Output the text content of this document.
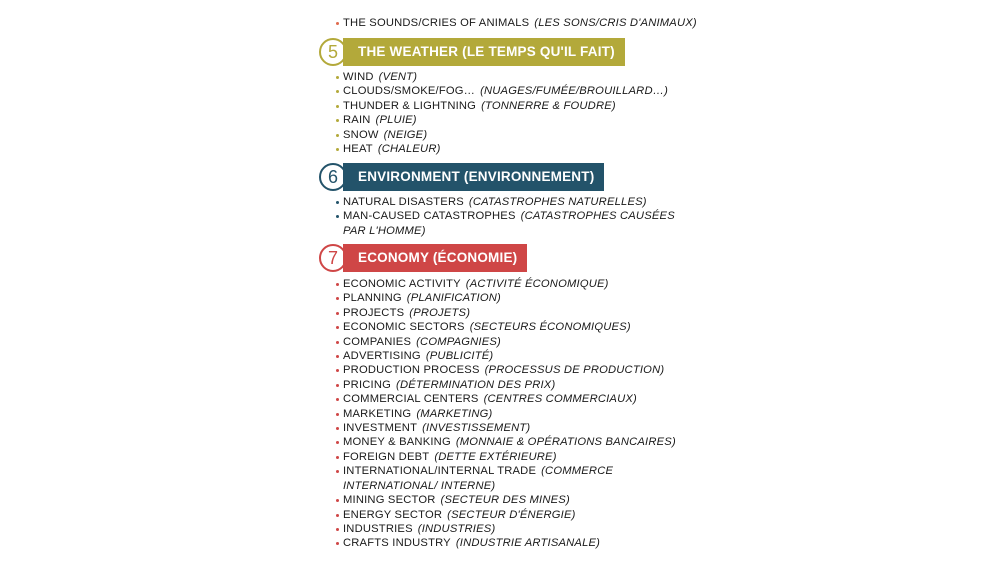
THE SOUNDS/CRIES OF ANIMALS (LES SONS/CRIS D'ANIMAUX)
5	THE WEATHER (LE TEMPS QU'IL FAIT)
WIND (VENT)
CLOUDS/SMOKE/FOG… (NUAGES/FUMÉE/BROUILLARD…)
THUNDER & LIGHTNING (TONNERRE & FOUDRE)
RAIN (PLUIE)
SNOW (NEIGE)
HEAT (CHALEUR)
6	ENVIRONMENT (ENVIRONNEMENT)
NATURAL DISASTERS (CATASTROPHES NATURELLES)
MAN-CAUSED CATASTROPHES (CATASTROPHES CAUSÉES PAR L'HOMME)
7	ECONOMY (ÉCONOMIE)
ECONOMIC ACTIVITY (ACTIVITÉ ÉCONOMIQUE)
PLANNING (PLANIFICATION)
PROJECTS (PROJETS)
ECONOMIC SECTORS (SECTEURS ÉCONOMIQUES)
COMPANIES (COMPAGNIES)
ADVERTISING (PUBLICITÉ)
PRODUCTION PROCESS (PROCESSUS DE PRODUCTION)
PRICING (DÉTERMINATION DES PRIX)
COMMERCIAL CENTERS (CENTRES COMMERCIAUX)
MARKETING (MARKETING)
INVESTMENT (INVESTISSEMENT)
MONEY & BANKING (MONNAIE & OPÉRATIONS BANCAIRES)
FOREIGN DEBT (DETTE EXTÉRIEURE)
INTERNATIONAL/INTERNAL TRADE (COMMERCE INTERNATIONAL/ INTERNE)
MINING SECTOR (SECTEUR DES MINES)
ENERGY SECTOR (SECTEUR D'ÉNERGIE)
INDUSTRIES (INDUSTRIES)
CRAFTS INDUSTRY (INDUSTRIE ARTISANALE)
